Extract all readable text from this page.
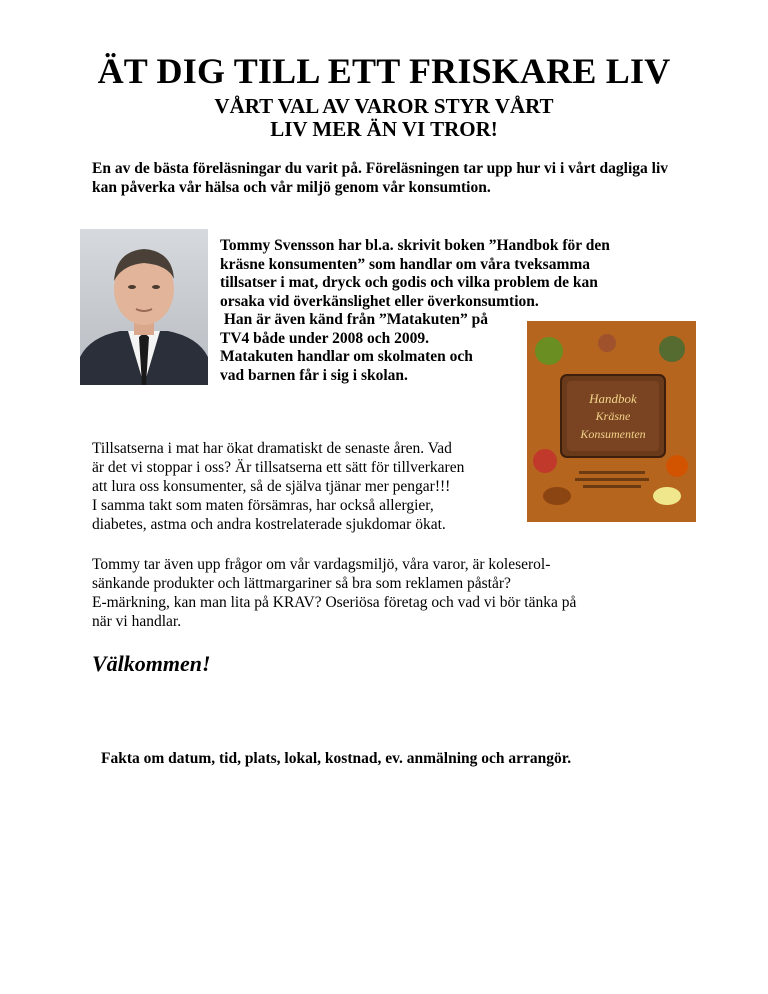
ÄT DIG TILL ETT FRISKARE LIV
VÅRT VAL AV VAROR STYR VÅRT
LIV MER ÄN VI TROR!
En av de bästa föreläsningar du varit på. Föreläsningen tar upp hur vi i vårt dagliga liv kan påverka vår hälsa och vår miljö genom vår konsumtion.
Tommy Svensson har bl.a. skrivit boken ”Handbok för den
kräsne konsumenten” som handlar om våra tveksamma
tillsatser i mat, dryck och godis och vilka problem de kan
orsaka vid överkänslighet eller överkonsumtion.
Han är även känd från ”Matakuten” på
TV4 både under 2008 och 2009.
Matakuten handlar om skolmaten och
vad barnen får i sig i skolan.
Handbok
Kräsne
Konsumenten
Tillsatserna i mat har ökat dramatiskt de senaste åren. Vad
är det vi stoppar i oss? Är tillsatserna ett sätt för tillverkaren
att lura oss konsumenter, så de själva tjänar mer pengar!!!
I samma takt som maten försämras, har också allergier,
diabetes, astma och andra kostrelaterade sjukdomar ökat.
Tommy tar även upp frågor om vår vardagsmiljö, våra varor, är koleserol-
sänkande produkter och lättmargariner så bra som reklamen påstår?
E-märkning, kan man lita på KRAV? Oseriösa företag och vad vi bör tänka på
när vi handlar.
Välkommen!
Fakta om datum, tid, plats, lokal, kostnad, ev. anmälning och arrangör.
